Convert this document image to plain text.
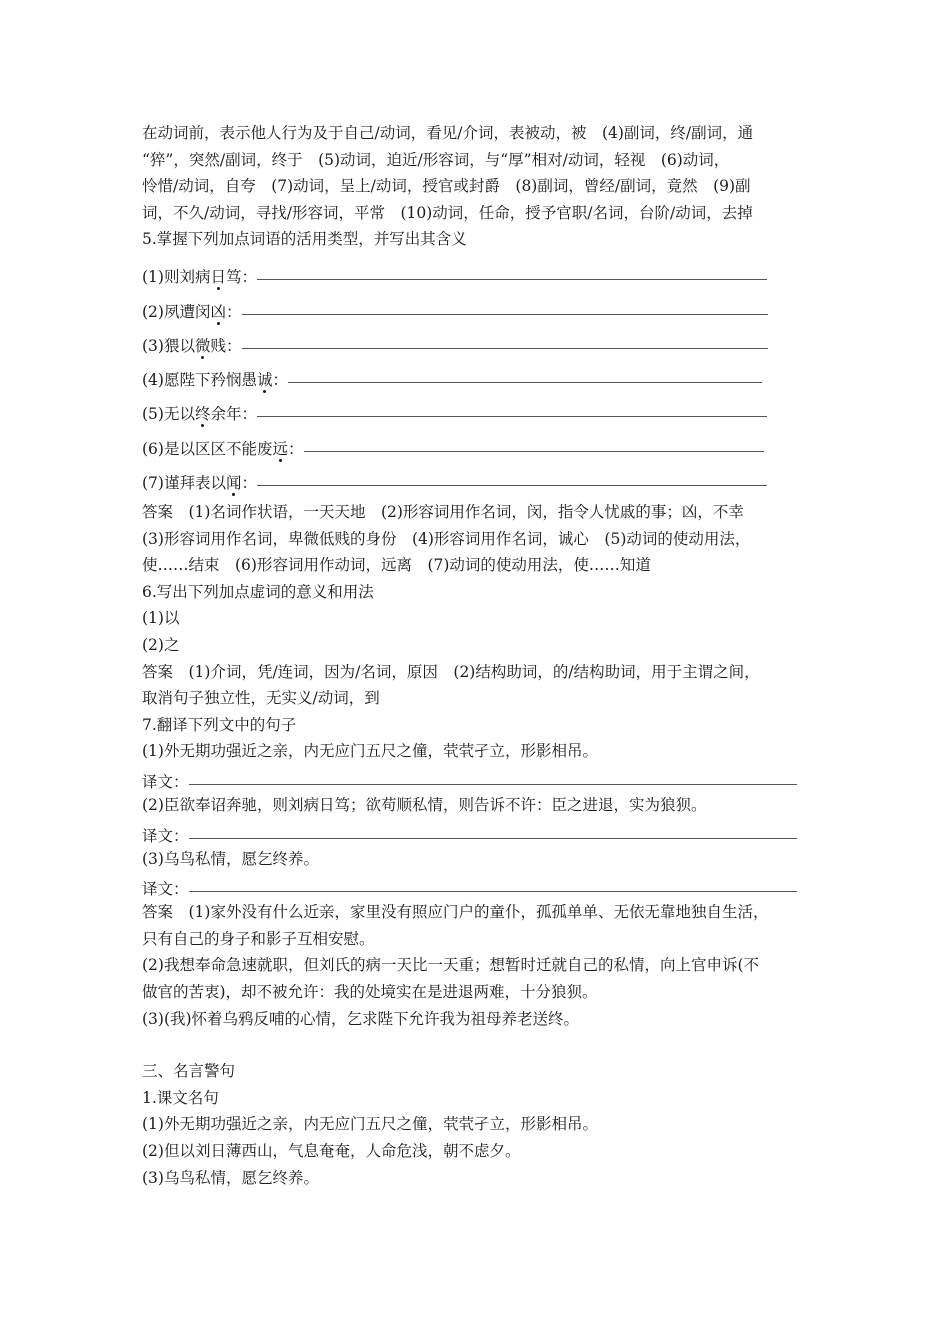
在动词前，表示他人行为及于自己/动词，看见/介词，表被动，被　(4)副词，终/副词，通
“猝”，突然/副词，终于　(5)动词，迫近/形容词，与“厚”相对/动词，轻视　(6)动词，
怜惜/动词，自夸　(7)动词，呈上/动词，授官或封爵　(8)副词，曾经/副词，竟然　(9)副
词，不久/动词，寻找/形容词，平常　(10)动词，任命，授予官职/名词，台阶/动词，去掉
5.掌握下列加点词语的活用类型，并写出其含义
(1)则刘病 日 笃：
(2)夙遭闵 凶 ：
(3)猥以 微 贱：
(4)愿陛下矜悯愚 诚 ：
(5)无以 终 余年：
(6)是以区区不能废 远 ：
(7)谨拜表以 闻 ：
答案　(1)名词作状语，一天天地　(2)形容词用作名词，闵，指令人忧戚的事；凶，不幸
(3)形容词用作名词，卑微低贱的身份　(4)形容词用作名词，诚心　(5)动词的使动用法，
使……结束　(6)形容词用作动词，远离　(7)动词的使动用法，使……知道
6.写出下列加点虚词的意义和用法
(1)以
(2)之
答案　(1)介词，凭/连词，因为/名词，原因　(2)结构助词，的/结构助词，用于主谓之间，
取消句子独立性，无实义/动词，到
7.翻译下列文中的句子
(1)外无期功强近之亲，内无应门五尺之僮，茕茕孑立，形影相吊。
译文：
(2)臣欲奉诏奔驰，则刘病日笃；欲苟顺私情，则告诉不许：臣之进退，实为狼狈。
译文：
(3)乌鸟私情，愿乞终养。
译文：
答案　(1)家外没有什么近亲，家里没有照应门户的童仆，孤孤单单、无依无靠地独自生活，
只有自己的身子和影子互相安慰。
(2)我想奉命急速就职，但刘氏的病一天比一天重；想暂时迁就自己的私情，向上官申诉(不
做官的苦衷)，却不被允许：我的处境实在是进退两难，十分狼狈。
(3)(我)怀着乌鸦反哺的心情，乞求陛下允许我为祖母养老送终。
三、名言警句
1.课文名句
(1)外无期功强近之亲，内无应门五尺之僮，茕茕孑立，形影相吊。
(2)但以刘日薄西山，气息奄奄，人命危浅，朝不虑夕。
(3)乌鸟私情，愿乞终养。
